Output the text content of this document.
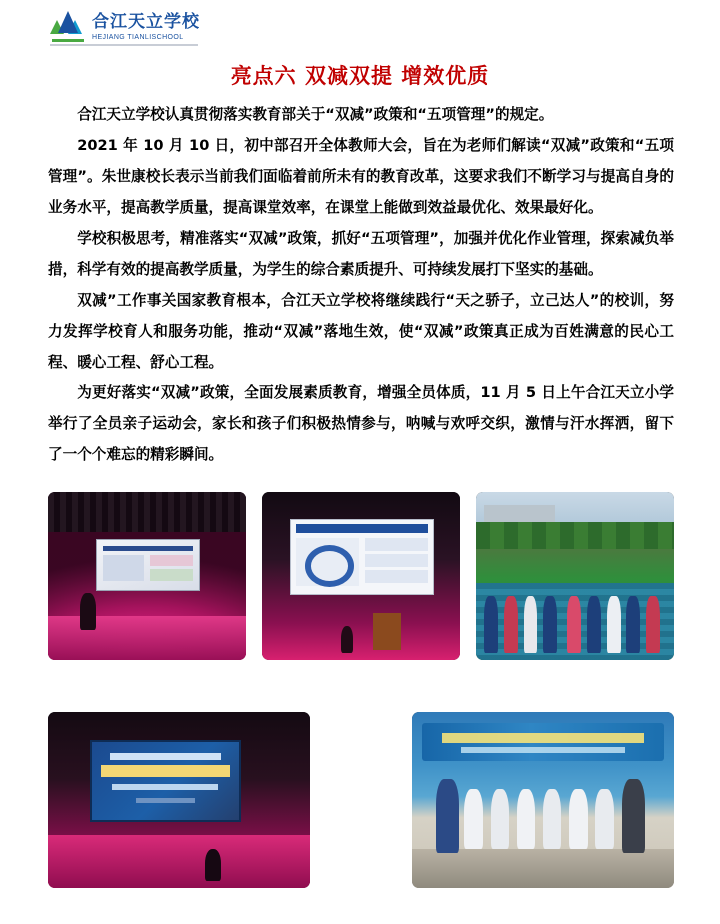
合江天立学校
HEJIANG TIANLISCHOOL
亮点六 双减双提 增效优质

合江天立学校认真贯彻落实教育部关于“双减”政策和“五项管理”的规定。

2021 年 10 月 10 日，初中部召开全体教师大会，旨在为老师们解读“双减”政策和“五项管理”。朱世康校长表示当前我们面临着前所未有的教育改革，这要求我们不断学习与提高自身的业务水平，提高教学质量，提高课堂效率，在课堂上能做到效益最优化、效果最好化。

学校积极思考，精准落实“双减”政策，抓好“五项管理”，加强并优化作业管理，探索减负举措，科学有效的提高教学质量，为学生的综合素质提升、可持续发展打下坚实的基础。

双减”工作事关国家教育根本，合江天立学校将继续践行“天之骄子，立己达人”的校训，努力发挥学校育人和服务功能，推动“双减”落地生效，使“双减”政策真正成为百姓满意的民心工程、暖心工程、舒心工程。

为更好落实“双减”政策，全面发展素质教育，增强全员体质，11 月 5 日上午合江天立小学举行了全员亲子运动会，家长和孩子们积极热情参与，呐喊与欢呼交织，激情与汗水挥洒，留下了一个个难忘的精彩瞬间。
